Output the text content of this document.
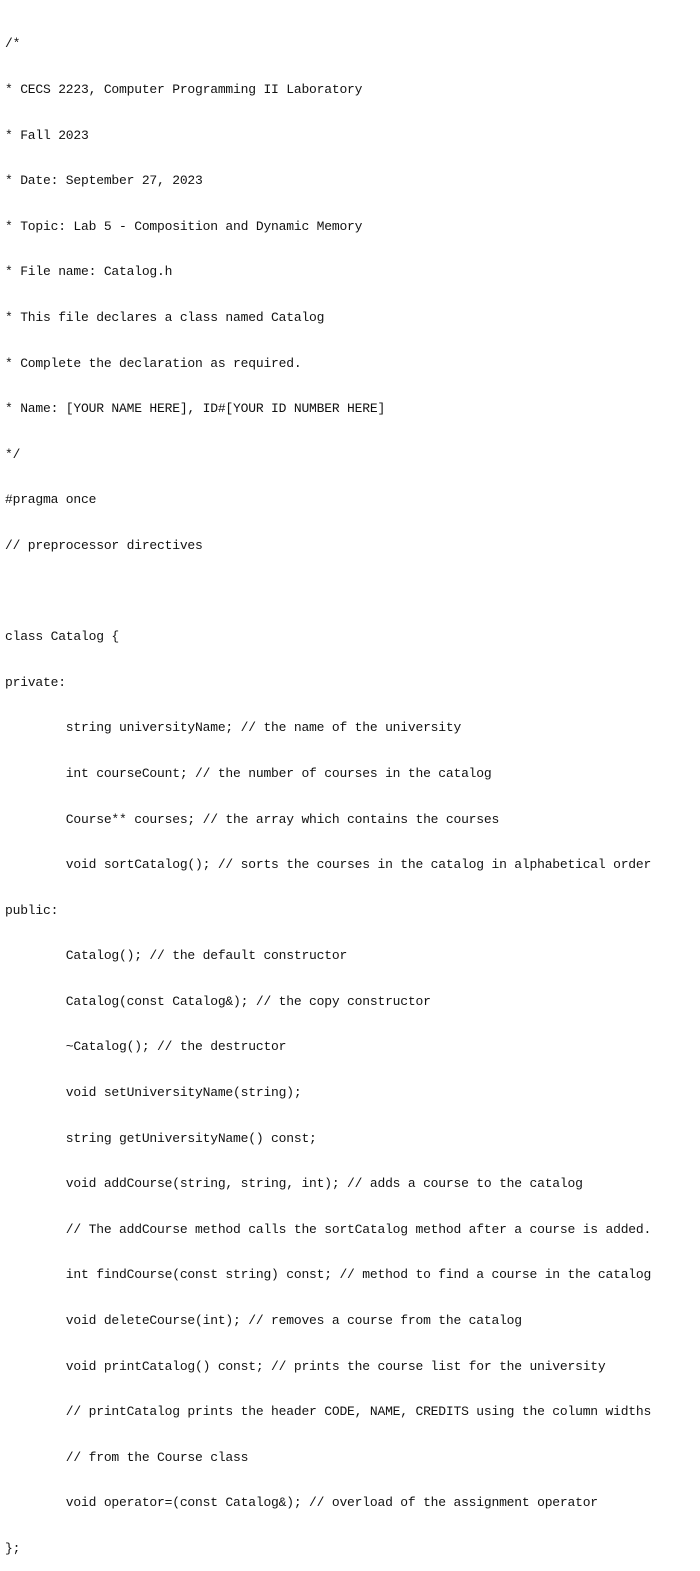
/*

* CECS 2223, Computer Programming II Laboratory

* Fall 2023

* Date: September 27, 2023

* Topic: Lab 5 - Composition and Dynamic Memory

* File name: Catalog.h

* This file declares a class named Catalog

* Complete the declaration as required.

* Name: [YOUR NAME HERE], ID#[YOUR ID NUMBER HERE]

*/

#pragma once

// preprocessor directives

class Catalog {

private:

string universityName; // the name of the university

int courseCount; // the number of courses in the catalog

Course** courses; // the array which contains the courses

void sortCatalog(); // sorts the courses in the catalog in alphabetical order

public:

Catalog(); // the default constructor

Catalog(const Catalog&); // the copy constructor

~Catalog(); // the destructor

void setUniversityName(string);

string getUniversityName() const;

void addCourse(string, string, int); // adds a course to the catalog

// The addCourse method calls the sortCatalog method after a course is added.

int findCourse(const string) const; // method to find a course in the catalog

void deleteCourse(int); // removes a course from the catalog

void printCatalog() const; // prints the course list for the university

// printCatalog prints the header CODE, NAME, CREDITS using the column widths

// from the Course class

void operator=(const Catalog&); // overload of the assignment operator

};
